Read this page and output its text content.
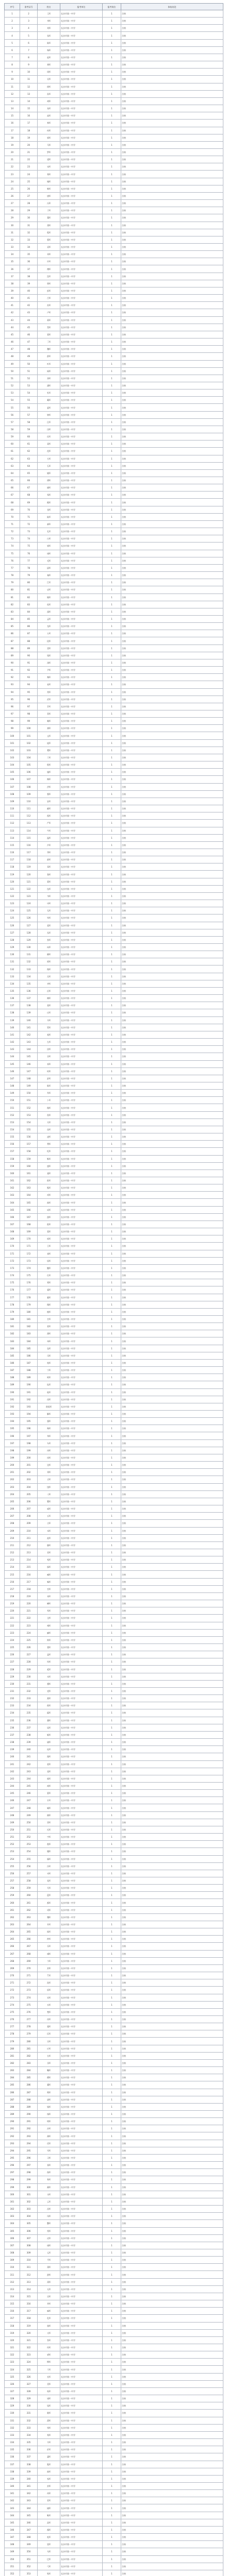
序号	准考证号	姓名	报考单位	报考岗位	体检结论
1	2	王X	长沙市第一中学	1	合格
2	3	李X	长沙市第一中学	1	合格
3	4	刘X	长沙市第一中学	1	合格
4	5	张X	长沙市第一中学	1	合格
5	6	陈X	长沙市第一中学	1	合格
6	7	杨X	长沙市第一中学	1	合格
7	8	赵X	长沙市第一中学	1	合格
8	9	黄X	长沙市第一中学	1	合格
9	10	周X	长沙市第一中学	1	合格
10	11	吴X	长沙市第一中学	1	合格
11	12	徐X	长沙市第一中学	1	合格
12	13	孙X	长沙市第一中学	1	合格
13	14	胡X	长沙市第一中学	1	合格
14	15	朱X	长沙市第一中学	1	合格
15	16	高X	长沙市第一中学	1	合格
16	17	林X	长沙市第一中学	1	合格
17	18	何X	长沙市第一中学	1	合格
18	19	郭X	长沙市第一中学	1	合格
19	20	马X	长沙市第一中学	1	合格
20	21	罗X	长沙市第一中学	1	合格
21	22	梁X	长沙市第一中学	1	合格
22	23	宋X	长沙市第一中学	1	合格
23	24	郑X	长沙市第一中学	1	合格
24	25	谢X	长沙市第一中学	1	合格
25	26	韩X	长沙市第一中学	1	合格
26	27	唐X	长沙市第一中学	1	合格
27	28	冯X	长沙市第一中学	1	合格
28	29	于X	长沙市第一中学	1	合格
29	30	董X	长沙市第一中学	1	合格
30	31	萧X	长沙市第一中学	1	合格
31	32	程X	长沙市第一中学	1	合格
32	33	曹X	长沙市第一中学	1	合格
33	34	袁X	长沙市第一中学	1	合格
34	35	邓X	长沙市第一中学	1	合格
35	36	许X	长沙市第一中学	1	合格
36	37	傅X	长沙市第一中学	1	合格
37	38	沈X	长沙市第一中学	1	合格
38	39	曾X	长沙市第一中学	1	合格
39	40	彭X	长沙市第一中学	1	合格
40	41	吕X	长沙市第一中学	1	合格
41	42	苏X	长沙市第一中学	1	合格
42	43	卢X	长沙市第一中学	1	合格
43	44	蒋X	长沙市第一中学	1	合格
44	45	蔡X	长沙市第一中学	1	合格
45	46	贾X	长沙市第一中学	1	合格
46	47	丁X	长沙市第一中学	1	合格
47	48	魏X	长沙市第一中学	1	合格
48	49	薛X	长沙市第一中学	1	合格
49	50	叶X	长沙市第一中学	1	合格
50	51	阎X	长沙市第一中学	1	合格
51	52	余X	长沙市第一中学	1	合格
52	53	潘X	长沙市第一中学	1	合格
53	54	杜X	长沙市第一中学	1	合格
54	55	戴X	长沙市第一中学	1	合格
55	56	夏X	长沙市第一中学	1	合格
56	57	钟X	长沙市第一中学	1	合格
57	58	汪X	长沙市第一中学	1	合格
58	59	田X	长沙市第一中学	1	合格
59	60	任X	长沙市第一中学	1	合格
60	61	姜X	长沙市第一中学	1	合格
61	62	范X	长沙市第一中学	1	合格
62	63	方X	长沙市第一中学	1	合格
63	64	石X	长沙市第一中学	1	合格
64	65	姚X	长沙市第一中学	1	合格
65	66	谭X	长沙市第一中学	1	合格
66	67	廖X	长沙市第一中学	1	合格
67	68	邹X	长沙市第一中学	1	合格
68	69	熊X	长沙市第一中学	1	合格
69	70	金X	长沙市第一中学	1	合格
70	71	陆X	长沙市第一中学	1	合格
71	72	郝X	长沙市第一中学	1	合格
72	73	孔X	长沙市第一中学	1	合格
73	74	白X	长沙市第一中学	1	合格
74	75	崔X	长沙市第一中学	1	合格
75	76	康X	长沙市第一中学	1	合格
76	77	毛X	长沙市第一中学	1	合格
77	78	邱X	长沙市第一中学	1	合格
78	79	秦X	长沙市第一中学	1	合格
79	80	江X	长沙市第一中学	1	合格
80	81	史X	长沙市第一中学	1	合格
81	82	顾X	长沙市第一中学	1	合格
82	83	侯X	长沙市第一中学	1	合格
83	84	邵X	长沙市第一中学	1	合格
84	85	孟X	长沙市第一中学	1	合格
85	86	龙X	长沙市第一中学	1	合格
86	87	万X	长沙市第一中学	1	合格
87	88	段X	长沙市第一中学	1	合格
88	89	雷X	长沙市第一中学	1	合格
89	90	钱X	长沙市第一中学	1	合格
90	91	汤X	长沙市第一中学	1	合格
91	92	尹X	长沙市第一中学	1	合格
92	93	黎X	长沙市第一中学	1	合格
93	94	易X	长沙市第一中学	1	合格
94	95	常X	长沙市第一中学	1	合格
95	96	武X	长沙市第一中学	1	合格
96	97	乔X	长沙市第一中学	1	合格
97	98	贺X	长沙市第一中学	1	合格
98	99	赖X	长沙市第一中学	1	合格
99	100	龚X	长沙市第一中学	1	合格
100	101	文X	长沙市第一中学	1	合格
101	102	庞X	长沙市第一中学	1	合格
102	103	樊X	长沙市第一中学	1	合格
103	104	兰X	长沙市第一中学	1	合格
104	105	殷X	长沙市第一中学	1	合格
105	106	施X	长沙市第一中学	1	合格
106	107	陶X	长沙市第一中学	1	合格
107	108	洪X	长沙市第一中学	1	合格
108	109	翟X	长沙市第一中学	1	合格
109	110	安X	长沙市第一中学	1	合格
110	111	颜X	长沙市第一中学	1	合格
111	112	倪X	长沙市第一中学	1	合格
112	113	严X	长沙市第一中学	1	合格
113	114	牛X	长沙市第一中学	1	合格
114	115	温X	长沙市第一中学	1	合格
115	116	芦X	长沙市第一中学	1	合格
116	117	季X	长沙市第一中学	1	合格
117	118	俞X	长沙市第一中学	1	合格
118	119	章X	长沙市第一中学	1	合格
119	120	鲁X	长沙市第一中学	1	合格
120	121	葛X	长沙市第一中学	1	合格
121	122	伍X	长沙市第一中学	1	合格
122	123	韦X	长沙市第一中学	1	合格
123	124	申X	长沙市第一中学	1	合格
124	125	尤X	长沙市第一中学	1	合格
125	126	毕X	长沙市第一中学	1	合格
126	127	聂X	长沙市第一中学	1	合格
127	128	丛X	长沙市第一中学	1	合格
128	129	焦X	长沙市第一中学	1	合格
129	130	向X	长沙市第一中学	1	合格
130	131	柳X	长沙市第一中学	1	合格
131	132	邢X	长沙市第一中学	1	合格
132	133	路X	长沙市第一中学	1	合格
133	134	岳X	长沙市第一中学	1	合格
134	135	齐X	长沙市第一中学	1	合格
135	136	沿X	长沙市第一中学	1	合格
136	137	梅X	长沙市第一中学	1	合格
137	138	莫X	长沙市第一中学	1	合格
138	139	庄X	长沙市第一中学	1	合格
139	140	辛X	长沙市第一中学	1	合格
140	141	管X	长沙市第一中学	1	合格
141	142	祝X	长沙市第一中学	1	合格
142	143	左X	长沙市第一中学	1	合格
143	144	涂X	长沙市第一中学	1	合格
144	145	谷X	长沙市第一中学	1	合格
145	146	祁X	长沙市第一中学	1	合格
146	147	时X	长沙市第一中学	1	合格
147	148	舒X	长沙市第一中学	1	合格
148	149	耿X	长沙市第一中学	1	合格
149	150	牟X	长沙市第一中学	1	合格
150	151	卜X	长沙市第一中学	1	合格
151	152	路X	长沙市第一中学	1	合格
152	153	詹X	长沙市第一中学	1	合格
153	154	关X	长沙市第一中学	1	合格
154	155	苗X	长沙市第一中学	1	合格
155	156	凌X	长沙市第一中学	1	合格
156	157	费X	长沙市第一中学	1	合格
157	158	纪X	长沙市第一中学	1	合格
158	159	靳X	长沙市第一中学	1	合格
159	160	盛X	长沙市第一中学	1	合格
160	161	童X	长沙市第一中学	1	合格
161	162	欧X	长沙市第一中学	1	合格
162	163	甄X	长沙市第一中学	1	合格
163	164	项X	长沙市第一中学	1	合格
164	165	曲X	长沙市第一中学	1	合格
165	166	成X	长沙市第一中学	1	合格
166	167	游X	长沙市第一中学	1	合格
167	168	阳X	长沙市第一中学	1	合格
168	169	裴X	长沙市第一中学	1	合格
169	170	席X	长沙市第一中学	1	合格
170	171	卫X	长沙市第一中学	1	合格
171	172	查X	长沙市第一中学	1	合格
172	173	屈X	长沙市第一中学	1	合格
173	174	鲍X	长沙市第一中学	1	合格
174	175	位X	长沙市第一中学	1	合格
175	176	覃X	长沙市第一中学	1	合格
176	177	霍X	长沙市第一中学	1	合格
177	178	翁X	长沙市第一中学	1	合格
178	179	隋X	长沙市第一中学	1	合格
179	180	植X	长沙市第一中学	1	合格
180	181	甘X	长沙市第一中学	1	合格
181	182	景X	长沙市第一中学	1	合格
182	183	薄X	长沙市第一中学	1	合格
183	184	单X	长沙市第一中学	1	合格
184	185	包X	长沙市第一中学	1	合格
185	186	司X	长沙市第一中学	1	合格
186	187	柏X	长沙市第一中学	1	合格
187	188	宁X	长沙市第一中学	1	合格
188	189	柯X	长沙市第一中学	1	合格
189	190	阮X	长沙市第一中学	1	合格
190	191	桂X	长沙市第一中学	1	合格
191	192	闵X	长沙市第一中学	1	合格
192	193	欧阳X	长沙市第一中学	1	合格
193	194	解X	长沙市第一中学	1	合格
194	195	强X	长沙市第一中学	1	合格
195	196	柴X	长沙市第一中学	1	合格
196	197	华X	长沙市第一中学	1	合格
197	198	车X	长沙市第一中学	1	合格
198	199	冉X	长沙市第一中学	1	合格
199	200	房X	长沙市第一中学	1	合格
200	201	边X	长沙市第一中学	1	合格
201	202	辜X	长沙市第一中学	1	合格
202	203	吉X	长沙市第一中学	1	合格
203	204	饶X	长沙市第一中学	1	合格
204	205	刁X	长沙市第一中学	1	合格
205	206	瞿X	长沙市第一中学	1	合格
206	207	戚X	长沙市第一中学	1	合格
207	208	丘X	长沙市第一中学	1	合格
208	209	古X	长沙市第一中学	1	合格
209	210	米X	长沙市第一中学	1	合格
210	211	池X	长沙市第一中学	1	合格
211	212	滕X	长沙市第一中学	1	合格
212	213	晋X	长沙市第一中学	1	合格
213	214	苑X	长沙市第一中学	1	合格
214	215	邬X	长沙市第一中学	1	合格
215	216	臧X	长沙市第一中学	1	合格
216	217	畅X	长沙市第一中学	1	合格
217	218	宫X	长沙市第一中学	1	合格
218	219	来X	长沙市第一中学	1	合格
219	220	嵺X	长沙市第一中学	1	合格
220	221	苟X	长沙市第一中学	1	合格
221	222	全X	长沙市第一中学	1	合格
222	223	褚X	长沙市第一中学	1	合格
223	224	廉X	长沙市第一中学	1	合格
224	225	简X	长沙市第一中学	1	合格
225	226	娄X	长沙市第一中学	1	合格
226	227	盖X	长沙市第一中学	1	合格
227	228	符X	长沙市第一中学	1	合格
228	229	奚X	长沙市第一中学	1	合格
229	230	木X	长沙市第一中学	1	合格
230	231	穆X	长沙市第一中学	1	合格
231	232	党X	长沙市第一中学	1	合格
232	233	燕X	长沙市第一中学	1	合格
233	234	郎X	长沙市第一中学	1	合格
234	235	邸X	长沙市第一中学	1	合格
235	236	冀X	长沙市第一中学	1	合格
236	237	谈X	长沙市第一中学	1	合格
237	238	姬X	长沙市第一中学	1	合格
238	239	屠X	长沙市第一中学	1	合格
239	240	连X	长沙市第一中学	1	合格
240	241	郜X	长沙市第一中学	1	合格
241	242	晏X	长沙市第一中学	1	合格
242	243	栾X	长沙市第一中学	1	合格
243	244	郁X	长沙市第一中学	1	合格
244	245	商X	长沙市第一中学	1	合格
245	246	蒙X	长沙市第一中学	1	合格
246	247	计X	长沙市第一中学	1	合格
247	248	喻X	长沙市第一中学	1	合格
248	249	揭X	长沙市第一中学	1	合格
249	250	窦X	长沙市第一中学	1	合格
250	251	迟X	长沙市第一中学	1	合格
251	252	宇X	长沙市第一中学	1	合格
252	253	敖X	长沙市第一中学	1	合格
253	254	糜X	长沙市第一中学	1	合格
254	255	鄢X	长沙市第一中学	1	合格
255	256	冷X	长沙市第一中学	1	合格
256	257	卓X	长沙市第一中学	1	合格
257	258	花X	长沙市第一中学	1	合格
258	259	艾X	长沙市第一中学	1	合格
259	260	蓝X	长沙市第一中学	1	合格
260	261	都X	长沙市第一中学	1	合格
261	262	巩X	长沙市第一中学	1	合格
262	263	稽X	长沙市第一中学	1	合格
263	264	井X	长沙市第一中学	1	合格
264	265	练X	长沙市第一中学	1	合格
265	266	仲X	长沙市第一中学	1	合格
266	267	乐X	长沙市第一中学	1	合格
267	268	虞X	长沙市第一中学	1	合格
268	269	卞X	长沙市第一中学	1	合格
269	270	封X	长沙市第一中学	1	合格
270	271	竺X	长沙市第一中学	1	合格
271	272	冼X	长沙市第一中学	1	合格
272	273	原X	长沙市第一中学	1	合格
273	274	官X	长沙市第一中学	1	合格
274	275	衣X	长沙市第一中学	1	合格
275	276	楚X	长沙市第一中学	1	合格
276	277	佟X	长沙市第一中学	1	合格
277	278	栗X	长沙市第一中学	1	合格
278	279	匡X	长沙市第一中学	1	合格
279	280	宗X	长沙市第一中学	1	合格
280	281	应X	长沙市第一中学	1	合格
281	282	台X	长沙市第一中学	1	合格
282	283	巫X	长沙市第一中学	1	合格
283	284	鞠X	长沙市第一中学	1	合格
284	285	僧X	长沙市第一中学	1	合格
285	286	桑X	长沙市第一中学	1	合格
286	287	荆X	长沙市第一中学	1	合格
287	288	谌X	长沙市第一中学	1	合格
288	289	银X	长沙市第一中学	1	合格
289	290	扬X	长沙市第一中学	1	合格
290	291	明X	长沙市第一中学	1	合格
291	292	沙X	长沙市第一中学	1	合格
292	293	薄X	长沙市第一中学	1	合格
293	294	伏X	长沙市第一中学	1	合格
294	295	岑X	长沙市第一中学	1	合格
295	296	习X	长沙市第一中学	1	合格
296	297	胥X	长沙市第一中学	1	合格
297	298	保X	长沙市第一中学	1	合格
298	299	和X	长沙市第一中学	1	合格
299	300	蔺X	长沙市第一中学	1	合格
300	301	水X	长沙市第一中学	1	合格
301	302	云X	长沙市第一中学	1	合格
302	303	昌X	长沙市第一中学	1	合格
303	304	凤X	长沙市第一中学	1	合格
304	305	酆X	长沙市第一中学	1	合格
305	306	常X	长沙市第一中学	1	合格
306	307	皮X	长沙市第一中学	1	合格
307	308	康X	长沙市第一中学	1	合格
308	309	元X	长沙市第一中学	1	合格
309	310	平X	长沙市第一中学	1	合格
310	311	萧X	长沙市第一中学	1	合格
311	312	湛X	长沙市第一中学	1	合格
312	313	禹X	长沙市第一中学	1	合格
313	314	无X	长沙市第一中学	1	合格
314	315	贝X	长沙市第一中学	1	合格
315	316	茅X	长沙市第一中学	1	合格
316	317	麻X	长沙市第一中学	1	合格
317	318	危X	长沙市第一中学	1	合格
318	319	骆X	长沙市第一中学	1	合格
319	320	支X	长沙市第一中学	1	合格
320	321	咎X	长沙市第一中学	1	合格
321	322	经X	长沙市第一中学	1	合格
322	323	裘X	长沙市第一中学	1	合格
323	324	缪X	长沙市第一中学	1	合格
324	325	干X	长沙市第一中学	1	合格
325	326	宣X	长沙市第一中学	1	合格
326	327	贲X	长沙市第一中学	1	合格
327	328	杭X	长沙市第一中学	1	合格
328	329	诸X	长沙市第一中学	1	合格
329	330	钮X	长沙市第一中学	1	合格
330	331	嵇X	长沙市第一中学	1	合格
331	332	滑X	长沙市第一中学	1	合格
332	333	荣X	长沙市第一中学	1	合格
333	334	荀X	长沙市第一中学	1	合格
334	335	羊X	长沙市第一中学	1	合格
335	336	於X	长沙市第一中学	1	合格
336	337	惠X	长沙市第一中学	1	合格
337	338	甄X	长沙市第一中学	1	合格
338	339	曲X	长沙市第一中学	1	合格
339	340	家X	长沙市第一中学	1	合格
340	341	封X	长沙市第一中学	1	合格
341	342	芮X	长沙市第一中学	1	合格
342	343	羿X	长沙市第一中学	1	合格
343	344	储X	长沙市第一中学	1	合格
344	345	靳X	长沙市第一中学	1	合格
345	346	汲X	长沙市第一中学	1	合格
346	347	邴X	长沙市第一中学	1	合格
347	348	松X	长沙市第一中学	1	合格
348	349	富X	长沙市第一中学	1	合格
349	350	乌X	长沙市第一中学	1	合格
350	351	巴X	长沙市第一中学	1	合格
351	352	弓X	长沙市第一中学	1	合格
352	353	牧X	长沙市第一中学	1	合格
